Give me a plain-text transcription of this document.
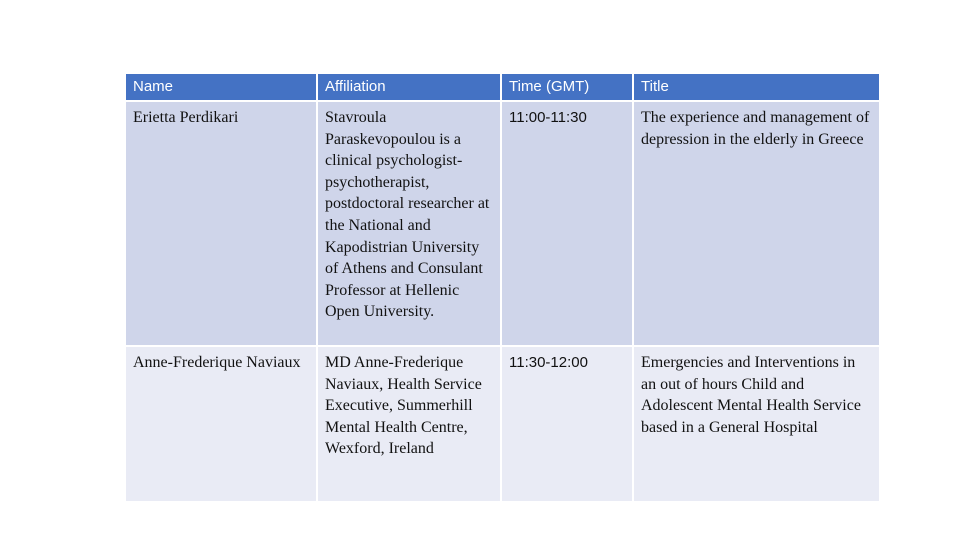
Name	Affiliation	Time (GMT)	Title
Erietta Perdikari	Stavroula Paraskevopoulou is a clinical psychologist-psychotherapist, postdoctoral researcher at the National and Kapodistrian University of Athens and Consulant Professor at Hellenic Open University.	11:00-11:30	The experience and management of depression in the elderly in Greece
Anne-Frederique Naviaux	MD Anne-Frederique Naviaux, Health Service Executive, Summerhill Mental Health Centre, Wexford, Ireland	11:30-12:00	Emergencies and Interventions in an out of hours Child and Adolescent Mental Health Service based in a General Hospital
